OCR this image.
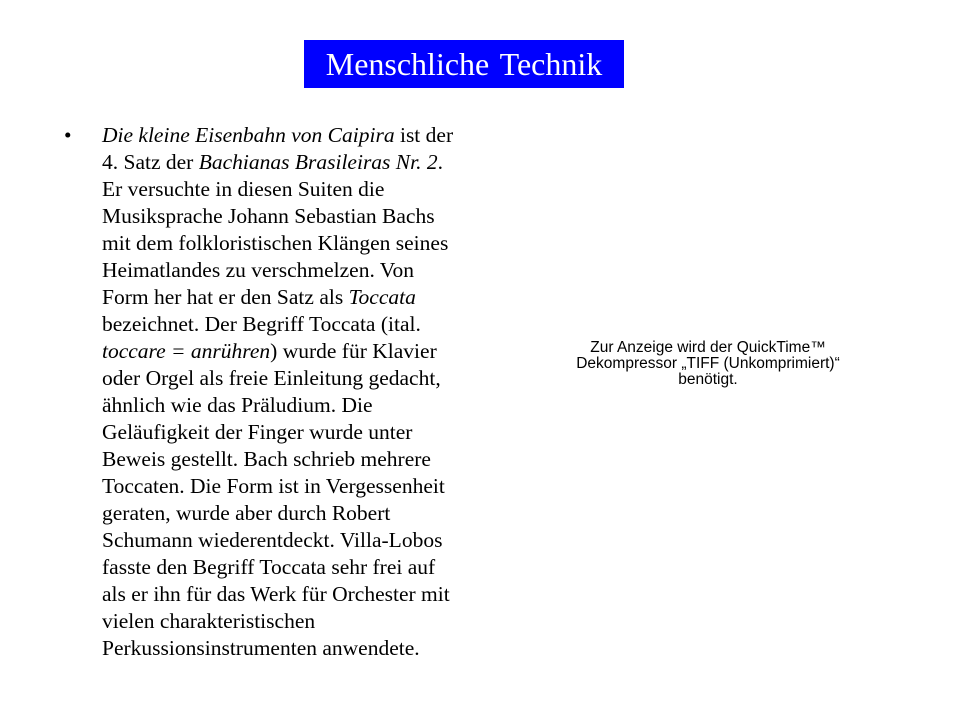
Menschliche Technik
• Die kleine Eisenbahn von Caipira ist der
4. Satz der Bachianas Brasileiras Nr. 2.
Er versuchte in diesen Suiten die
Musiksprache Johann Sebastian Bachs
mit dem folkloristischen Klängen seines
Heimatlandes zu verschmelzen. Von
Form her hat er den Satz als Toccata
bezeichnet. Der Begriff Toccata (ital.
toccare = anrühren) wurde für Klavier
oder Orgel als freie Einleitung gedacht,
ähnlich wie das Präludium. Die
Geläufigkeit der Finger wurde unter
Beweis gestellt. Bach schrieb mehrere
Toccaten. Die Form ist in Vergessenheit
geraten, wurde aber durch Robert
Schumann wiederentdeckt. Villa-Lobos
fasste den Begriff Toccata sehr frei auf
als er ihn für das Werk für Orchester mit
vielen charakteristischen
Perkussionsinstrumenten anwendete.
Zur Anzeige wird der QuickTime™
Dekompressor „TIFF (Unkomprimiert)“
benötigt.
